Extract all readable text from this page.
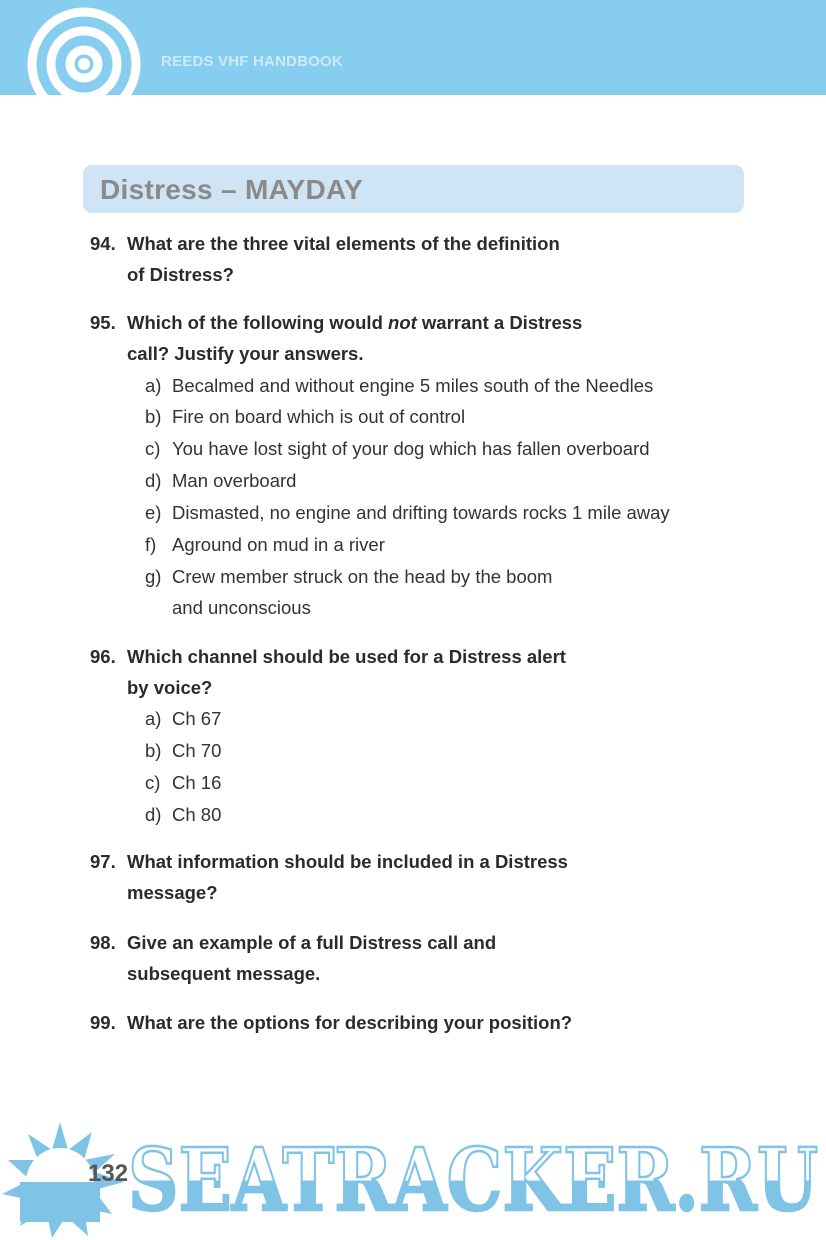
REEDS VHF HANDBOOK
Distress – MAYDAY
94. What are the three vital elements of the definition
of Distress?
95. Which of the following would not warrant a Distress
call? Justify your answers.
a) Becalmed and without engine 5 miles south of the Needles
b) Fire on board which is out of control
c) You have lost sight of your dog which has fallen overboard
d) Man overboard
e) Dismasted, no engine and drifting towards rocks 1 mile away
f) Aground on mud in a river
g) Crew member struck on the head by the boom
and unconscious
96. Which channel should be used for a Distress alert
by voice?
a) Ch 67
b) Ch 70
c) Ch 16
d) Ch 80
97. What information should be included in a Distress
message?
98. Give an example of a full Distress call and
subsequent message.
99. What are the options for describing your position?
SEATRACKER.RU
132
